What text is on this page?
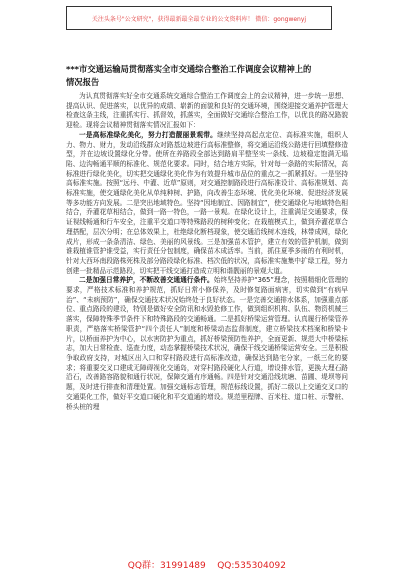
关注头条号"公文研究"，获得最新最全最专业的公文资料库！ 微信：gongwenyj
***市交通运输局贯彻落实全市交通综合整治工作调度会议精神上的
情况报告

为认真贯彻落实好全市交通系统交通综合整治工作调度会上的会议精神，进一步统一思想、提高认识、促进落实，以优异的成绩、崭新的面貌和良好的交通环境，围绕迎接交通养护管理大检查这条主线，注重抓实行、抓督效，抓落实，全面做好交通综合整治工作，以优良的路况路貌迎检。现将会议精神贯彻落实情况汇报如下：

一是高标准绿化美化，努力打造靓丽景观带。继续坚持高起点定位、高标准实施，组织人力、物力、财力，发动沿线群众对路基边坡进行高标准整修，将交通运沿线公路进行回填整修造型，并在边坡设置绿化分带。使所在养路段全部达到路肩平整坚实一条线、边坡稳定饱满无塌陷、边沟畅通平顺的标准化、规范化要求。同时，结合地方实际，针对每一条路的实际情况，高标准进行绿化美化，切实把交通绿化美化作为有效提升城市品位的重点之一抓紧抓好。一是坚持高标准实施。按照“远丹、中灌、近草”原则，对交通控制路段进行高标准设计、高标准规划、高标准实施，使交通绿化美化从单纯种树、护路，向改善生态环境、优化美化环境、促进经济发展等多功能方向发展。二是突出地域特色。坚持“因地制宜、因路制宜”，使交通绿化与地域特色相结合，乔灌花草相结合，做到一路一特色，一路一景观。在绿化设计上，注重满足交通要求，保证视线畅通和行车安全，注重平交道口等特殊路段的树种变化；在栽植模式上，做到乔灌花草合理搭配，层次分明；在总体效果上，杜绝绿化断档现象，使交通沿线树木连线，林带成网，绿化成片，形成一条条清洁、绿色、美丽的风景线。三是加强苗木管护，建立有效的管护机制，做到谁栽植谁管护谁受益，实行责任分包制度，确保苗木成活率。当前，抓住夏季多雨的有利时机，针对大西环南段路株死株及部分路段绿化标准、档次低的状况，高标准实施集中扩绿工程，努力创建一批精品示范路段，切实把干线交通打造成立明和谐靓丽的景观大道。

二是加强日常养护，不断改善交通通行条件。始终坚持养护“365”理念，按照精细化管理的要求，严格技术标准和养护规范，抓好日常小修保养，及时修复路面病害，切实做到“有病早治”、“未病预防”，确保交通技术状况始终处于良好状态。一是完善交通排水体系，加强重点部位、重点路段的建设，特别是做好安全防讯和水毁抢修工作，做到组织机构、队伍、物资机械三落实，保障特殊季节条件下和特殊路段的交通畅通。二是抓好桥梁运营管理。认真履行桥梁管养职责，严格落实桥梁管护“四个责任人”制度和桥梁动态监督制度，建立桥梁技术档案和桥梁卡片，以桥面养护为中心，以水害防护为重点，抓好桥梁预防性养护，全面更新、规范大中桥梁标志，加大日常检查、巡查力度，动态掌握桥梁技术状况，确保干线交通桥梁运营安全。三是积极争取政府支持，对城区出入口和穿村路段进行高标准改造，确保达到路宅分家，一纸三化的要求；将重要交叉口建成无障碍视化交通岛，对穿村路段硬化人行道，增设排水管，更换大理石路沿石，改善路容路貌和通行状况，保障交通有序通畅。四是针对交通沿线坑塘、苗圃、堤坝等问题，及时进行排查和清理处置。加强交通标志管理，规范标线设置，抓好二级以上交通交叉口的交通渠化工作，做好平交道口硬化和平交道通的增设。规范里程牌、百米柱、道口桩、示警桩、桥头桩的埋

QQ群：31991489    QQ:535304092
